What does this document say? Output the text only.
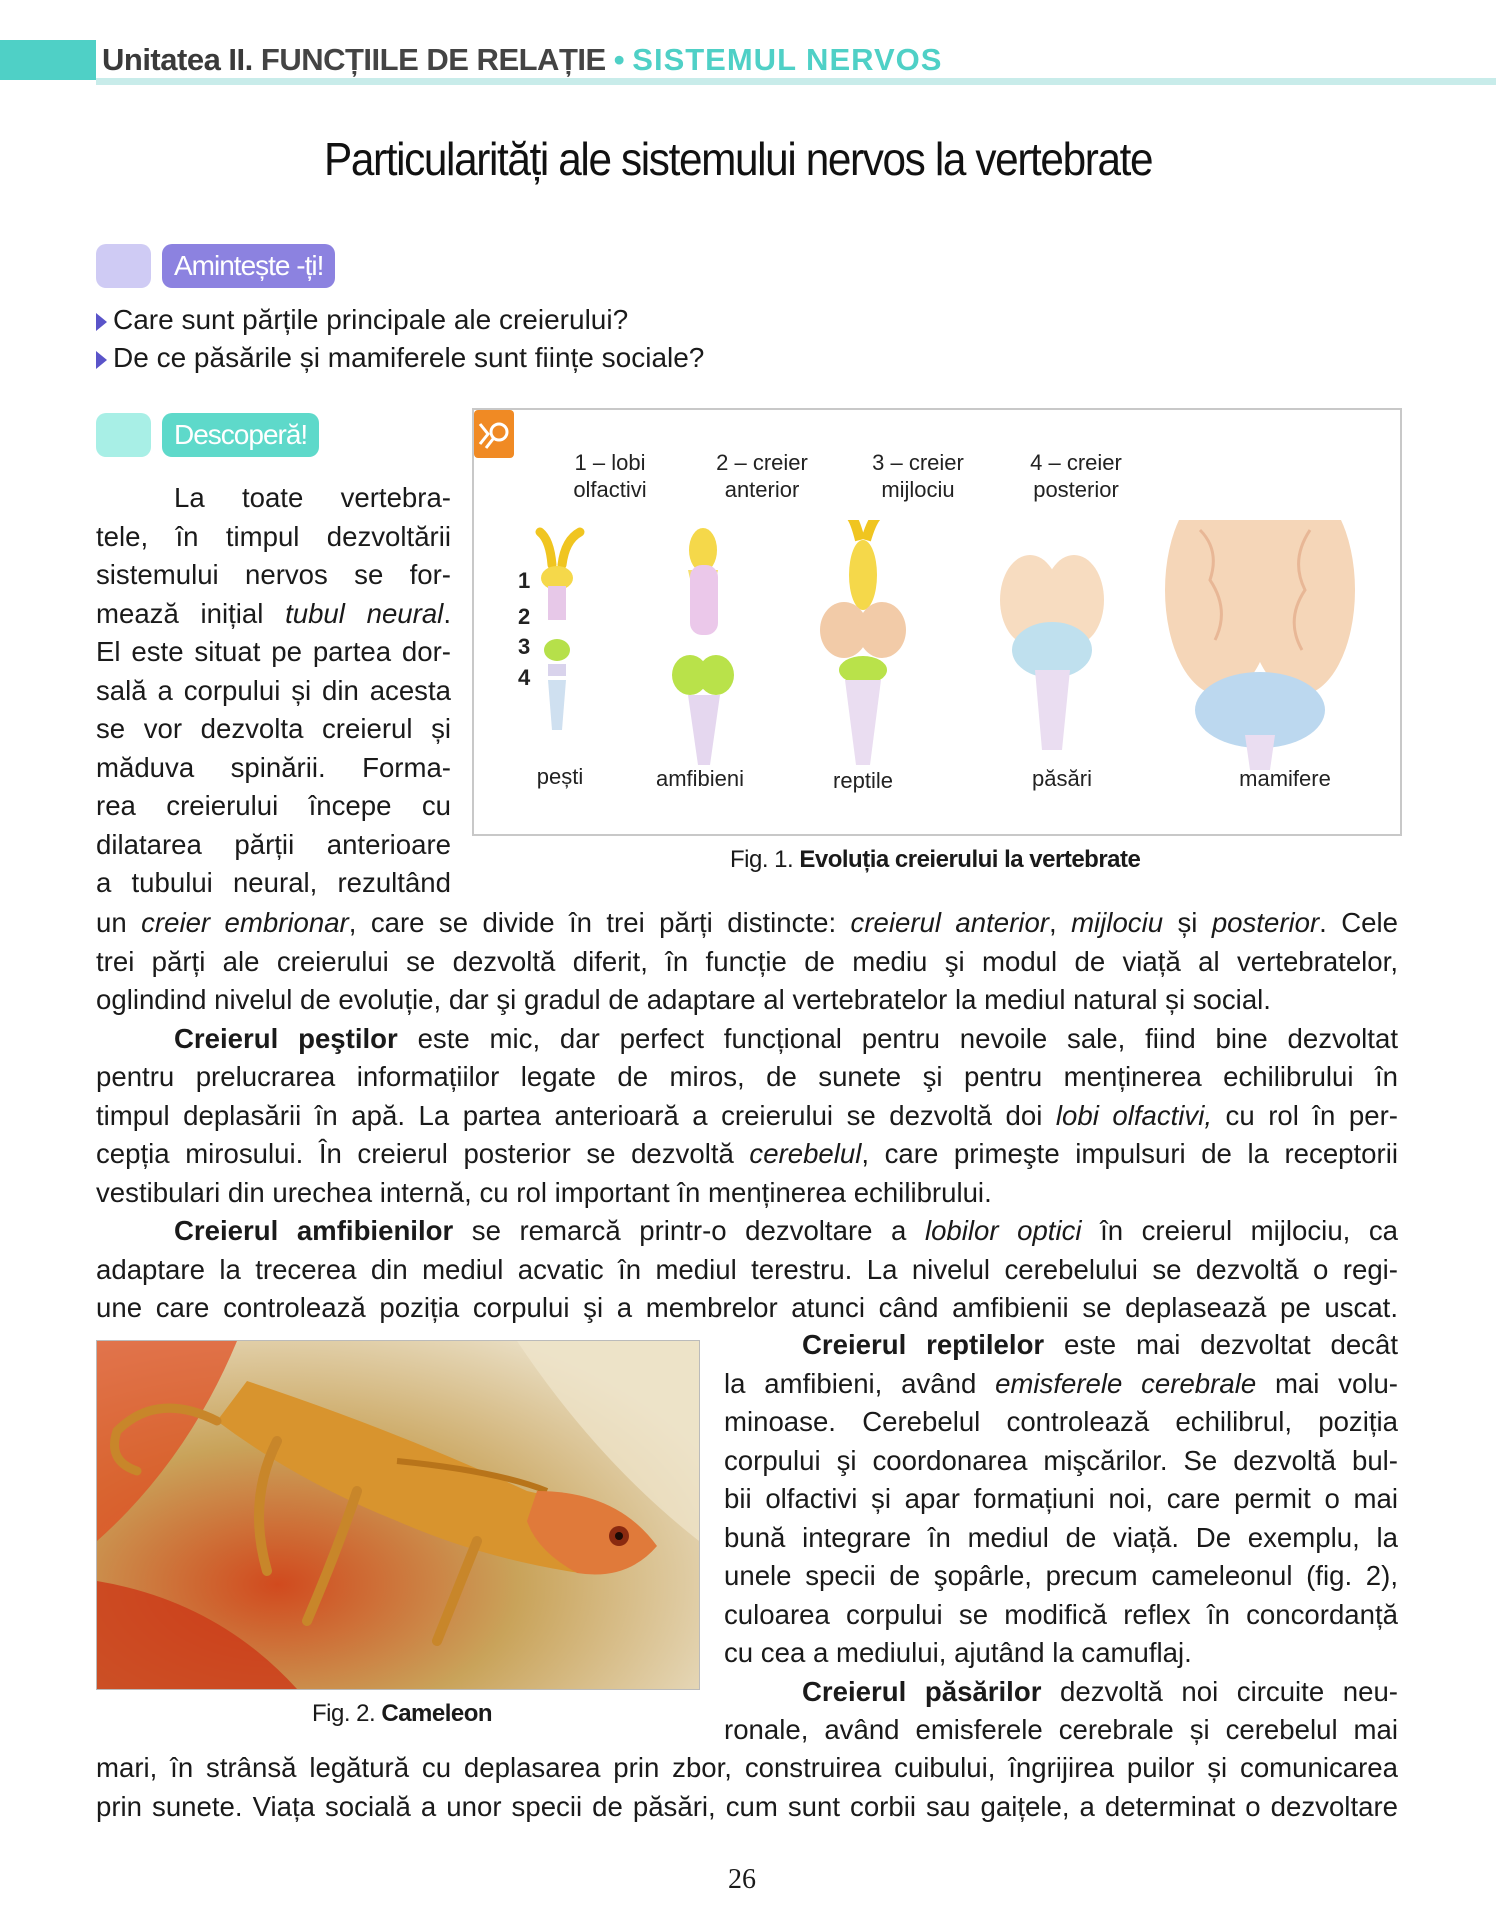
Unitatea II. FUNCȚIILE DE RELAȚIE • SISTEMUL NERVOS
Particularități ale sistemului nervos la vertebrate
Amintește -ți!
Care sunt părțile principale ale creierului?
De ce păsările și mamiferele sunt ființe sociale?
Descoperă!
La toate vertebra-
tele, în timpul dezvoltării
sistemului nervos se for-
mează inițial tubul neural.
El este situat pe partea dor-
sală a corpului și din acesta
se vor dezvolta creierul și
măduva spinării. Forma-
rea creierului începe cu
dilatarea părții anterioare
a tubului neural, rezultând
1 – lobi
olfactivi
2 – creier
anterior
3 – creier
mijlociu
4 – creier
posterior
1
2
3
4
pești	amfibieni	reptile	păsări	mamifere
Fig. 1. Evoluția creierului la vertebrate
un creier embrionar, care se divide în trei părți distincte: creierul anterior, mijlociu și posterior. Cele
trei părți ale creierului se dezvoltă diferit, în funcție de mediu şi modul de viață al vertebratelor,
oglindind nivelul de evoluție, dar şi gradul de adaptare al vertebratelor la mediul natural și social.
Creierul peştilor este mic, dar perfect funcțional pentru nevoile sale, fiind bine dezvoltat
pentru prelucrarea informațiilor legate de miros, de sunete şi pentru menținerea echilibrului în
timpul deplasării în apă. La partea anterioară a creierului se dezvoltă doi lobi olfactivi, cu rol în per-
cepția mirosului. În creierul posterior se dezvoltă cerebelul, care primeşte impulsuri de la receptorii
vestibulari din urechea internă, cu rol important în menținerea echilibrului.
Creierul amfibienilor se remarcă printr-o dezvoltare a lobilor optici în creierul mijlociu, ca
adaptare la trecerea din mediul acvatic în mediul terestru. La nivelul cerebelului se dezvoltă o regi-
une care controlează poziția corpului şi a membrelor atunci când amfibienii se deplasează pe uscat.
Fig. 2. Cameleon
Creierul reptilelor este mai dezvoltat decât
la amfibieni, având emisferele cerebrale mai volu-
minoase. Cerebelul controlează echilibrul, poziția
corpului şi coordonarea mişcărilor. Se dezvoltă bul-
bii olfactivi și apar formațiuni noi, care permit o mai
bună integrare în mediul de viață. De exemplu, la
unele specii de şopârle, precum cameleonul (fig. 2),
culoarea corpului se modifică reflex în concordanță
cu cea a mediului, ajutând la camuflaj.
Creierul păsărilor dezvoltă noi circuite neu-
ronale, având emisferele cerebrale și cerebelul mai
mari, în strânsă legătură cu deplasarea prin zbor, construirea cuibului, îngrijirea puilor și comunicarea
prin sunete. Viața socială a unor specii de păsări, cum sunt corbii sau gaițele, a determinat o dezvoltare
26
